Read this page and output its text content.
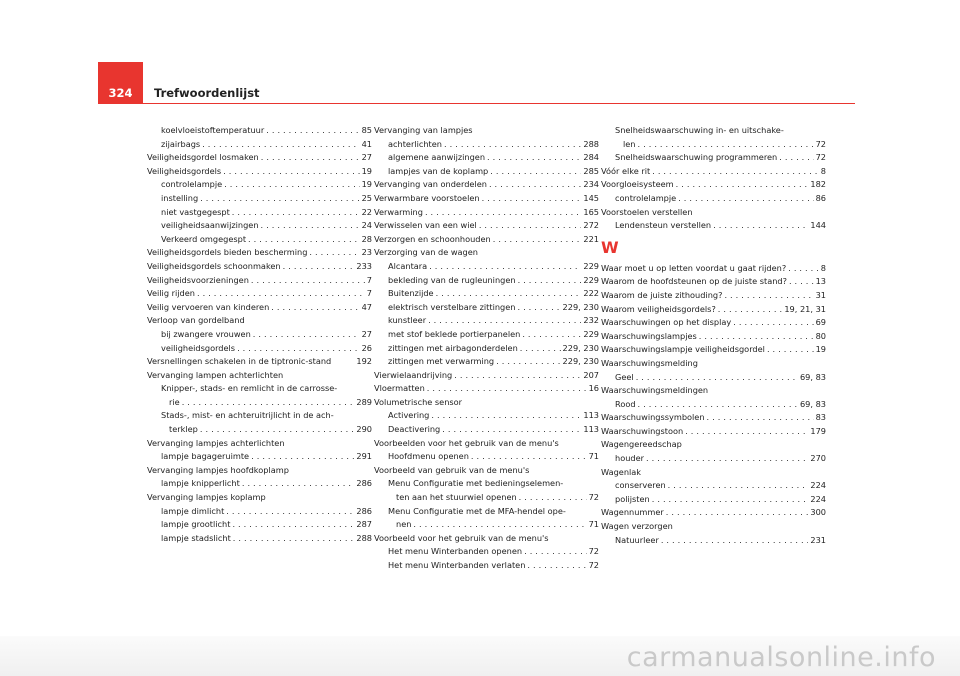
324	Trefwoordenlijst
koelvloeistoftemperatuur . . .	85
zijairbags . . .	41
Veiligheidsgordel losmaken . . .	27
Veiligheidsgordels . . .	19
controlelampje . . .	19
instelling . . .	25
niet vastgegespt . . .	22
veiligheidsaanwijzingen . . .	24
Verkeerd omgegespt . . .	28
Veiligheidsgordels bieden bescherming . . .	23
Veiligheidsgordels schoonmaken . . .	233
Veiligheidsvoorzieningen . . .	7
Veilig rijden . . .	7
Veilig vervoeren van kinderen . . .	47
Verloop van gordelband
bij zwangere vrouwen . . .	27
veiligheidsgordels . . .	26
Versnellingen schakelen in de tiptronic-stand	192
Vervanging lampen achterlichten
Knipper-, stads- en remlicht in de carrosse-
rie . . .	289
Stads-, mist- en achteruitrijlicht in de ach-
terklep . . .	290
Vervanging lampjes achterlichten
lampje bagageruimte . . .	291
Vervanging lampjes hoofdkoplamp
lampje knipperlicht . . .	286
Vervanging lampjes koplamp
lampje dimlicht . . .	286
lampje grootlicht . . .	287
lampje stadslicht . . .	288
Vervanging van lampjes
achterlichten . . .	288
algemene aanwijzingen . . .	284
lampjes van de koplamp . . .	285
Vervanging van onderdelen . . .	234
Verwarmbare voorstoelen . . .	145
Verwarming . . .	165
Verwisselen van een wiel . . .	272
Verzorgen en schoonhouden . . .	221
Verzorging van de wagen
Alcantara . . .	229
bekleding van de rugleuningen . . .	229
Buitenzijde . . .	222
elektrisch verstelbare zittingen . . .	229, 230
kunstleer . . .	232
met stof beklede portierpanelen . . .	229
zittingen met airbagonderdelen . . .	229, 230
zittingen met verwarming . . .	229, 230
Vierwielaandrijving . . .	207
Vloermatten . . .	16
Volumetrische sensor
Activering . . .	113
Deactivering . . .	113
Voorbeelden voor het gebruik van de menu's
Hoofdmenu openen . . .	71
Voorbeeld van gebruik van de menu's
Menu Configuratie met bedieningselemen-
ten aan het stuurwiel openen . . .	72
Menu Configuratie met de MFA-hendel ope-
nen . . .	71
Voorbeeld voor het gebruik van de menu's
Het menu Winterbanden openen . . .	72
Het menu Winterbanden verlaten . . .	72
Snelheidswaarschuwing in- en uitschake-
len . . .	72
Snelheidswaarschuwing programmeren . . .	72
Vóór elke rit . . .	8
Voorgloeisysteem . . .	182
controlelampje . . .	86
Voorstoelen verstellen
Lendensteun verstellen . . .	144
W
Waar moet u op letten voordat u gaat rijden? . . .	8
Waarom de hoofdsteunen op de juiste stand? . . .	13
Waarom de juiste zithouding? . . .	31
Waarom veiligheidsgordels? . . .	19, 21, 31
Waarschuwingen op het display . . .	69
Waarschuwingslampjes . . .	80
Waarschuwingslampje veiligheidsgordel . . .	19
Waarschuwingsmelding
Geel . . .	69, 83
Waarschuwingsmeldingen
Rood . . .	69, 83
Waarschuwingssymbolen . . .	83
Waarschuwingstoon . . .	179
Wagengereedschap
houder . . .	270
Wagenlak
conserveren . . .	224
polijsten . . .	224
Wagennummer . . .	300
Wagen verzorgen
Natuurleer . . .	231
carmanualsonline.info
